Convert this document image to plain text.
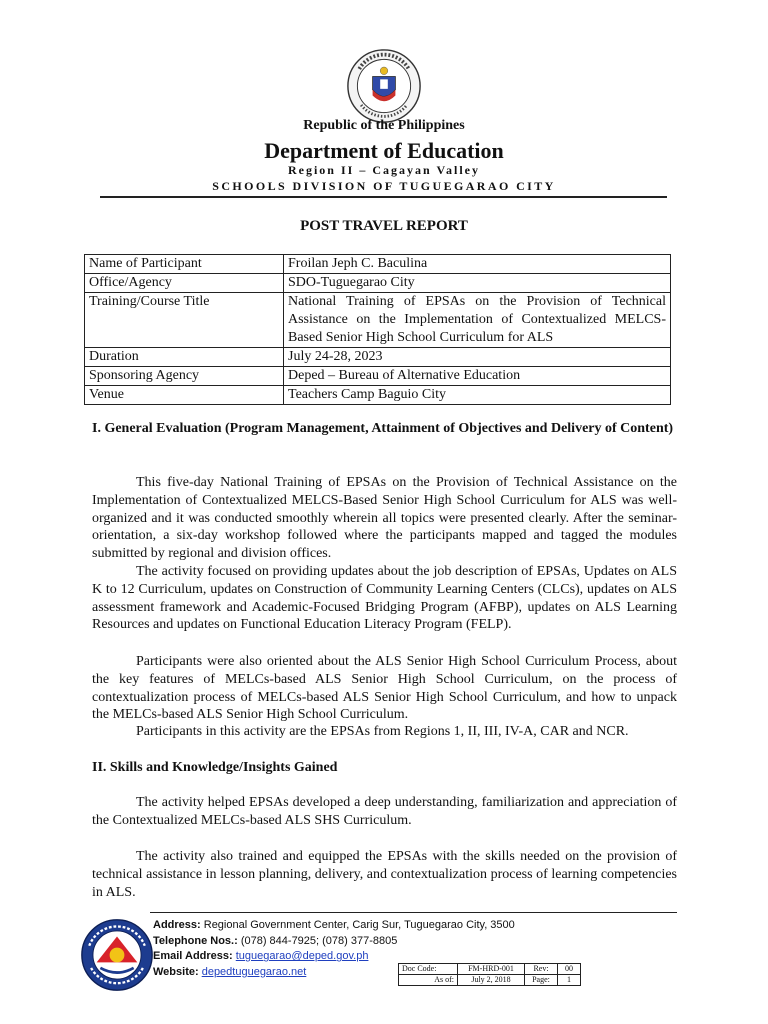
Republic of the Philippines
Department of Education
Region II – Cagayan Valley
SCHOOLS DIVISION OF TUGUEGARAO CITY
POST TRAVEL REPORT
Name of Participant	Froilan Jeph C. Baculina
Office/Agency	SDO-Tuguegarao City
Training/Course Title	National Training of EPSAs on the Provision of Technical Assistance on the Implementation of Contextualized MELCS-Based Senior High School Curriculum for ALS
Duration	July 24-28, 2023
Sponsoring Agency	Deped – Bureau of Alternative Education
Venue	Teachers Camp Baguio City
I. General Evaluation (Program Management, Attainment of Objectives and Delivery of Content)
This five-day National Training of EPSAs on the Provision of Technical Assistance on the Implementation of Contextualized MELCS-Based Senior High School Curriculum for ALS was well-organized and it was conducted smoothly wherein all topics were presented clearly. After the seminar-orientation, a six-day workshop followed where the participants mapped and tagged the modules submitted by regional and division offices.
The activity focused on providing updates about the job description of EPSAs, Updates on ALS K to 12 Curriculum, updates on Construction of Community Learning Centers (CLCs), updates on ALS assessment framework and Academic-Focused Bridging Program (AFBP), updates on ALS Learning Resources and updates on Functional Education Literacy Program (FELP).
Participants were also oriented about the ALS Senior High School Curriculum Process, about the key features of MELCs-based ALS Senior High School Curriculum, on the process of contextualization process of MELCs-based ALS Senior High School Curriculum, and how to unpack the MELCs-based ALS Senior High School Curriculum.
Participants in this activity are the EPSAs from Regions 1, II, III, IV-A, CAR and NCR.
II. Skills and Knowledge/Insights Gained
The activity helped EPSAs developed a deep understanding, familiarization and appreciation of the Contextualized MELCs-based ALS SHS Curriculum.
The activity also trained and equipped the EPSAs with the skills needed on the provision of technical assistance in lesson planning, delivery, and contextualization process of learning competencies in ALS.
Address: Regional Government Center, Carig Sur, Tuguegarao City, 3500
Telephone Nos.: (078) 844-7925; (078) 377-8805
Email Address: tuguegarao@deped.gov.ph
Website: depedtuguegarao.net	Doc Code:	FM-HRD-001	Rev:	00
As of:	July 2, 2018	Page:	1
